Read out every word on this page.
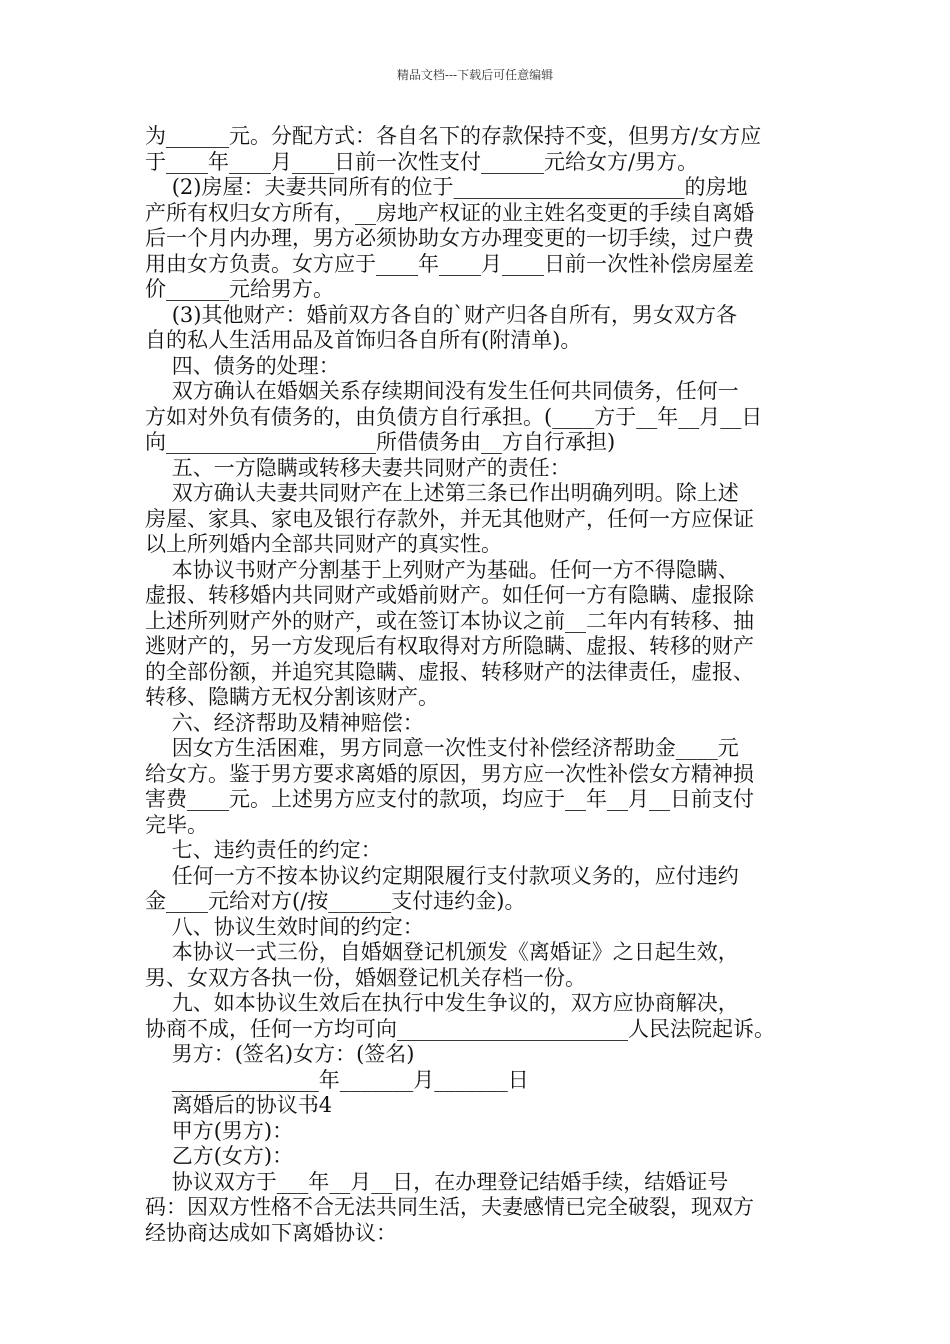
精品文档---下载后可任意编辑
为______元。分配方式：各自名下的存款保持不变，但男方/女方应
于____年____月____日前一次性支付______元给女方/男方。
(2)房屋：夫妻共同所有的位于______________________的房地
产所有权归女方所有，__房地产权证的业主姓名变更的手续自离婚
后一个月内办理，男方必须协助女方办理变更的一切手续，过户费
用由女方负责。女方应于____年____月____日前一次性补偿房屋差
价______元给男方。
(3)其他财产：婚前双方各自的`财产归各自所有，男女双方各
自的私人生活用品及首饰归各自所有(附清单)。
四、债务的处理：
双方确认在婚姻关系存续期间没有发生任何共同债务，任何一
方如对外负有债务的，由负债方自行承担。(____方于__年__月__日
向____________________所借债务由__方自行承担)
五、一方隐瞒或转移夫妻共同财产的责任：
双方确认夫妻共同财产在上述第三条已作出明确列明。除上述
房屋、家具、家电及银行存款外，并无其他财产，任何一方应保证
以上所列婚内全部共同财产的真实性。
本协议书财产分割基于上列财产为基础。任何一方不得隐瞒、
虚报、转移婚内共同财产或婚前财产。如任何一方有隐瞒、虚报除
上述所列财产外的财产，或在签订本协议之前__二年内有转移、抽
逃财产的，另一方发现后有权取得对方所隐瞒、虚报、转移的财产
的全部份额，并追究其隐瞒、虚报、转移财产的法律责任，虚报、
转移、隐瞒方无权分割该财产。
六、经济帮助及精神赔偿：
因女方生活困难，男方同意一次性支付补偿经济帮助金____元
给女方。鉴于男方要求离婚的原因，男方应一次性补偿女方精神损
害费____元。上述男方应支付的款项，均应于__年__月__日前支付
完毕。
七、违约责任的约定：
任何一方不按本协议约定期限履行支付款项义务的，应付违约
金____元给对方(/按______支付违约金)。
八、协议生效时间的约定：
本协议一式三份，自婚姻登记机颁发《离婚证》之日起生效，
男、女双方各执一份，婚姻登记机关存档一份。
九、如本协议生效后在执行中发生争议的，双方应协商解决，
协商不成，任何一方均可向______________________人民法院起诉。
男方：(签名)女方：(签名)
______________年_______月_______日
离婚后的协议书4
甲方(男方)：
乙方(女方)：
协议双方于___年__月__日，在办理登记结婚手续，结婚证号
码：因双方性格不合无法共同生活，夫妻感情已完全破裂，现双方
经协商达成如下离婚协议：
